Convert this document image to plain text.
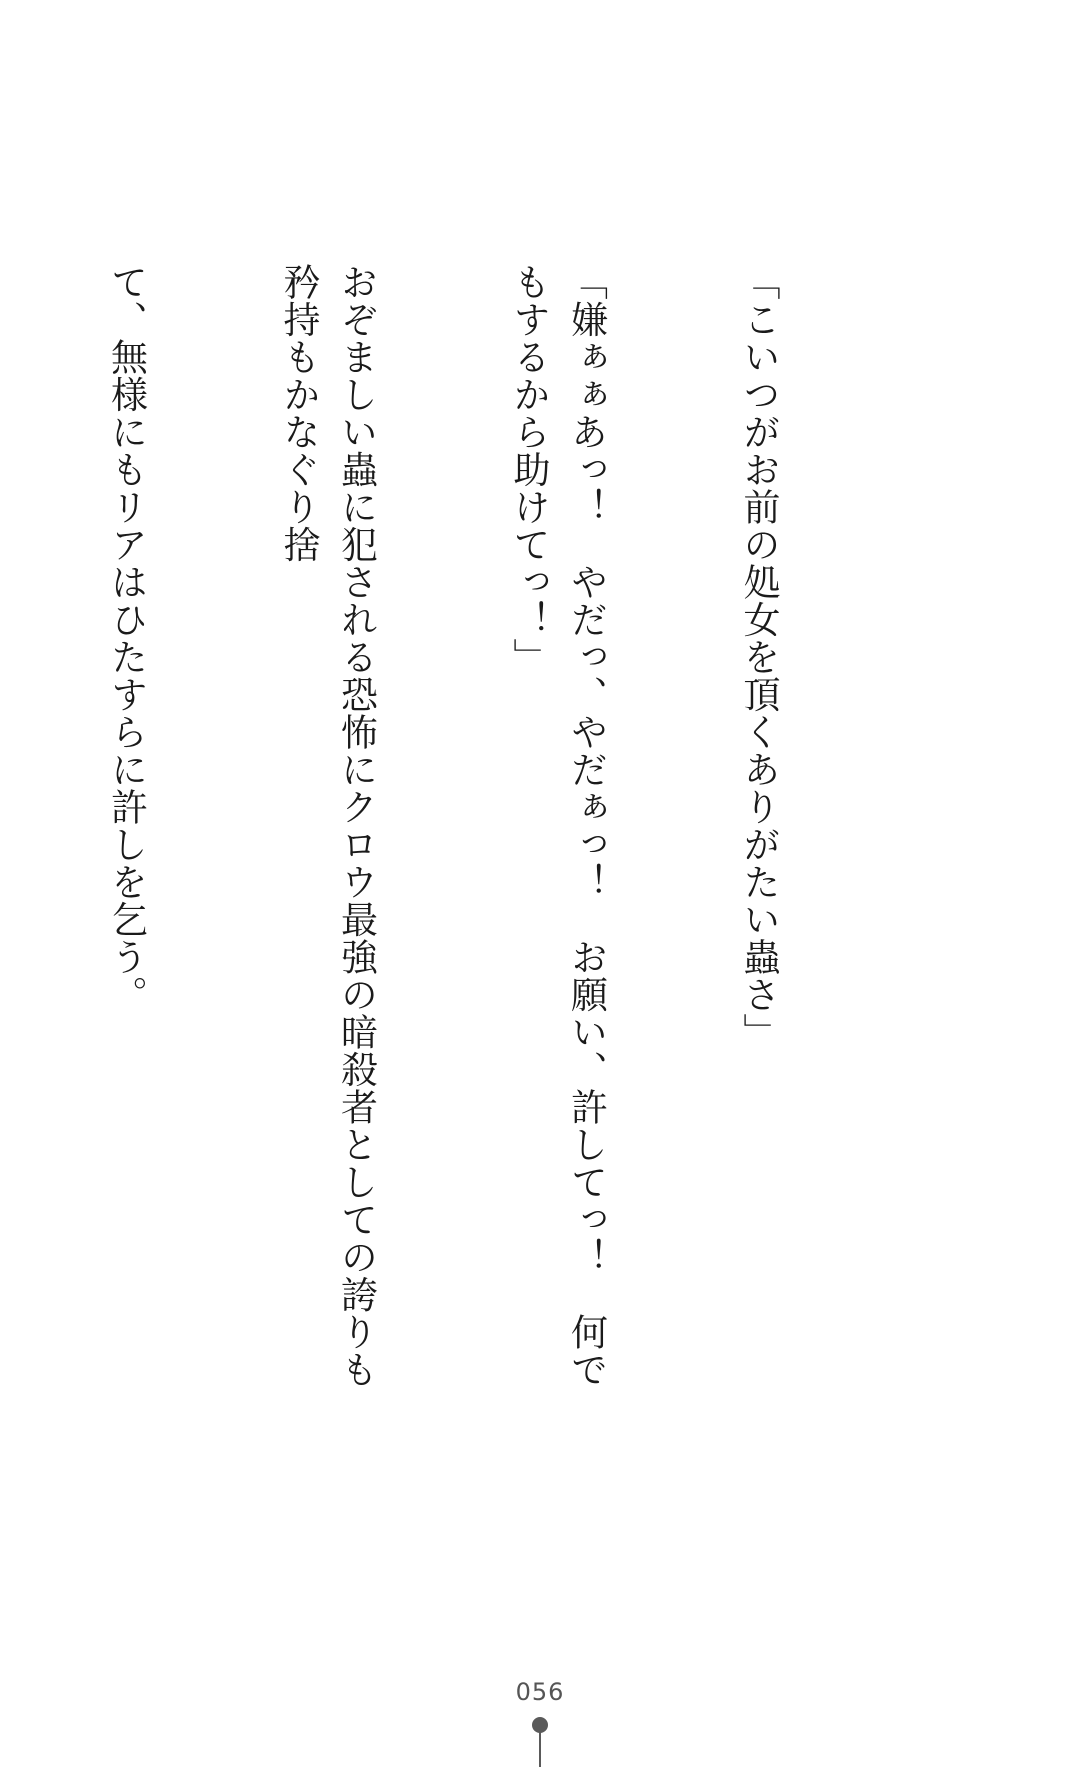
「こいつがお前の処女を頂くありがたい蟲さ」

「嫌ぁぁあっ！　やだっ、やだぁっ！　お願い、許してっ！　何でもするから助けてっ！」

おぞましい蟲に犯される恐怖にクロウ最強の暗殺者としての誇りも矜持もかなぐり捨

て、無様にもリアはひたすらに許しを乞う。

056
